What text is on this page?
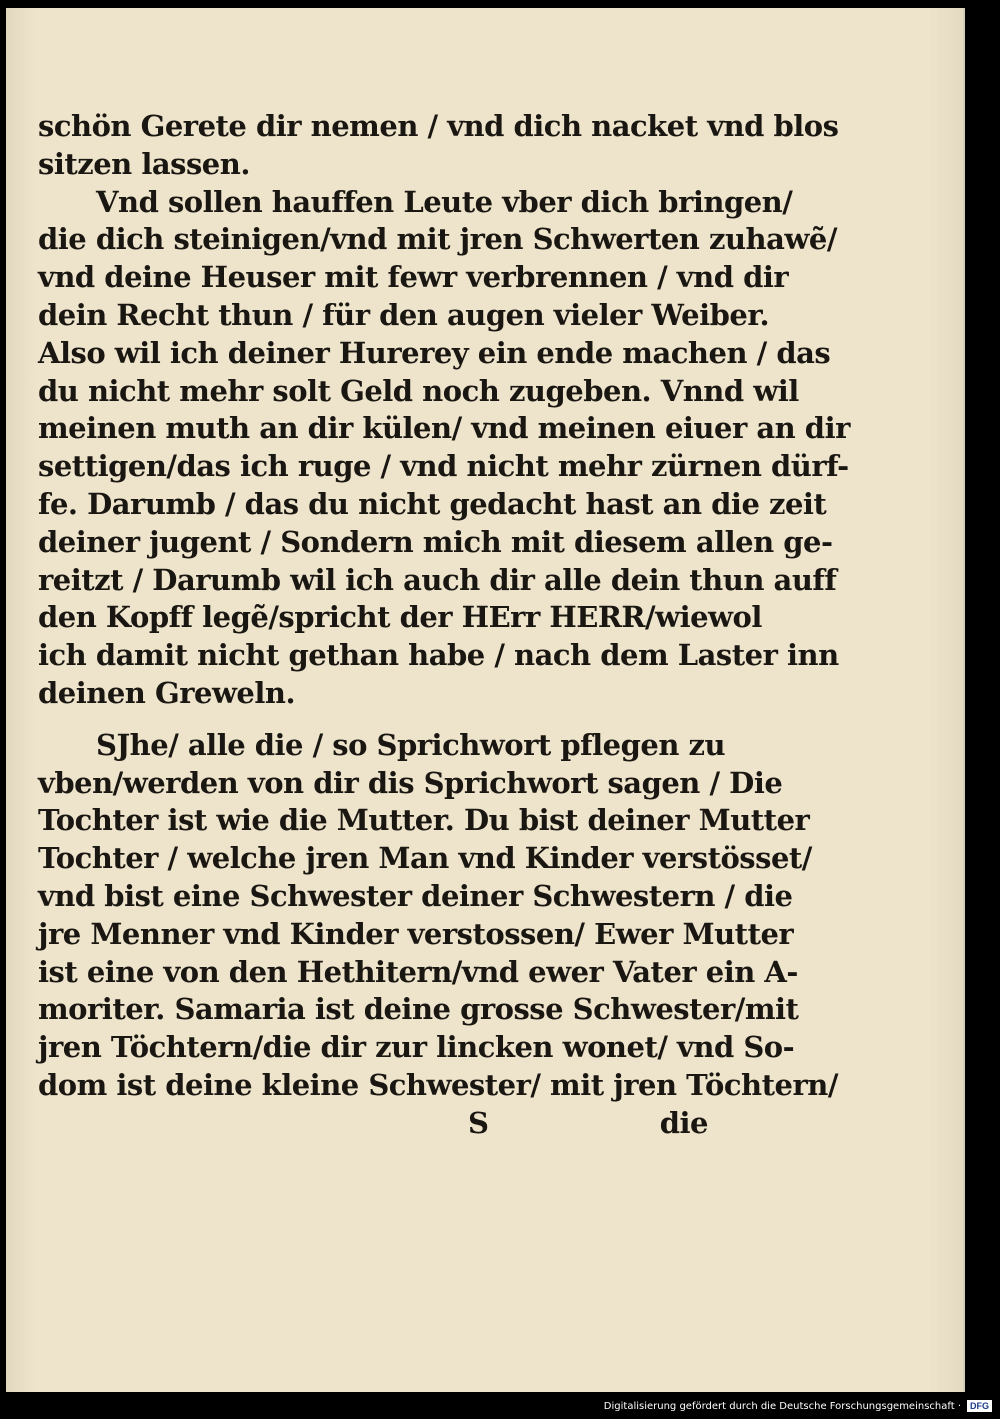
schön Gerete dir nemen / vnd dich nacket vnd blos
sitzen lassen.
Vnd sollen hauffen Leute vber dich bringen/
die dich steinigen/vnd mit jren Schwerten zuhawẽ/
vnd deine Heuser mit fewr verbrennen / vnd dir
dein Recht thun / für den augen vieler Weiber.
Also wil ich deiner Hurerey ein ende machen / das
du nicht mehr solt Geld noch zugeben. Vnnd wil
meinen muth an dir külen/ vnd meinen eiuer an dir
settigen/das ich ruge / vnd nicht mehr zürnen dürf-
fe. Darumb / das du nicht gedacht hast an die zeit
deiner jugent / Sondern mich mit diesem allen ge-
reitzt / Darumb wil ich auch dir alle dein thun auff
den Kopff legẽ/spricht der HErr HERR/wiewol
ich damit nicht gethan habe / nach dem Laster inn
deinen Greweln.
SJhe/ alle die / so Sprichwort pflegen zu
vben/werden von dir dis Sprichwort sagen / Die
Tochter ist wie die Mutter. Du bist deiner Mutter
Tochter / welche jren Man vnd Kinder verstösset/
vnd bist eine Schwester deiner Schwestern / die
jre Menner vnd Kinder verstossen/ Ewer Mutter
ist eine von den Hethitern/vnd ewer Vater ein A-
moriter. Samaria ist deine grosse Schwester/mit
jren Töchtern/die dir zur lincken wonet/ vnd So-
dom ist deine kleine Schwester/ mit jren Töchtern/
S	die
Digitalisierung gefördert durch die Deutsche Forschungsgemeinschaft ·	DFG
